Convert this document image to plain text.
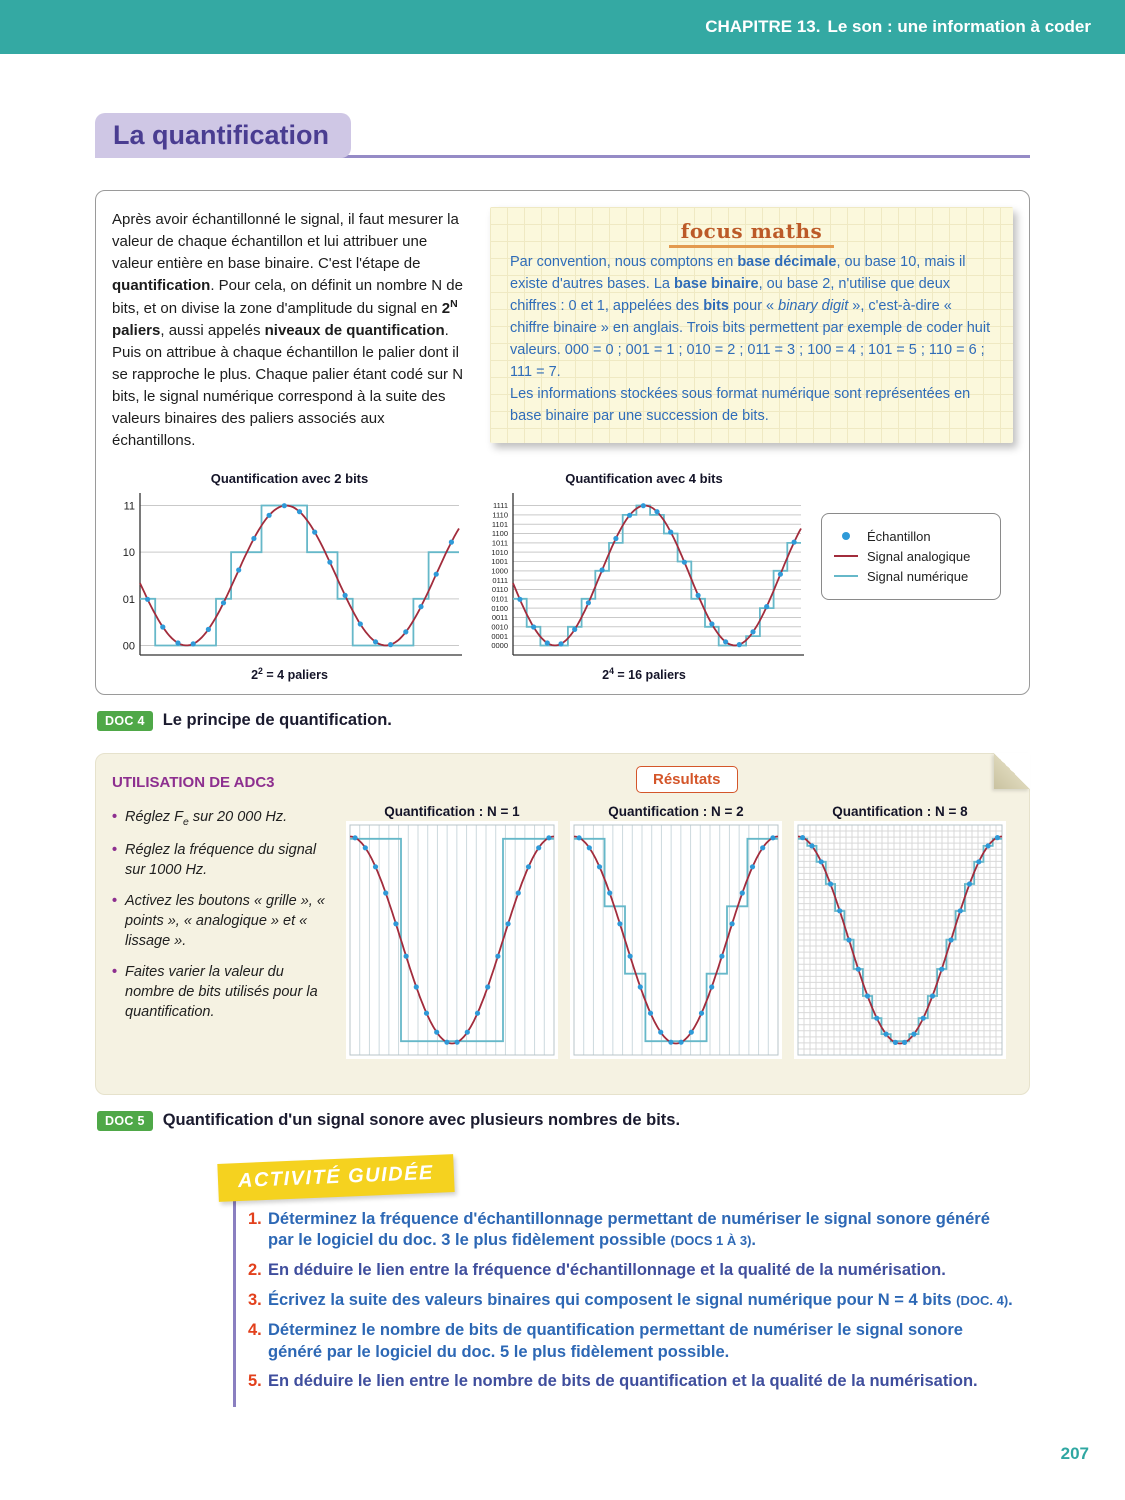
CHAPITRE 13. Le son : une information à coder
La quantification

Après avoir échantillonné le signal, il faut mesurer la valeur de chaque échantillon et lui attribuer une valeur entière en base binaire. C'est l'étape de quantification. Pour cela, on définit un nombre N de bits, et on divise la zone d'amplitude du signal en $2^N$ paliers, aussi appelés niveaux de quantification. Puis on attribue à chaque échantillon le palier dont il se rapproche le plus. Chaque palier étant codé sur N bits, le signal numérique correspond à la suite des valeurs binaires des paliers associés aux échantillons.

focus maths

Par convention, nous comptons en base décimale, ou base 10, mais il existe d'autres bases. La base binaire, ou base 2, n'utilise que deux chiffres : 0 et 1, appelées des bits pour « binary digit », c'est-à-dire « chiffre binaire » en anglais. Trois bits permettent par exemple de coder huit valeurs. 000 = 0 ; 001 = 1 ; 010 = 2 ; 011 = 3 ; 100 = 4 ; 101 = 5 ; 110 = 6 ; 111 = 7.
Les informations stockées sous format numérique sont représentées en base binaire par une succession de bits.

Quantification avec 2 bits
00
01
10
11
$2^2 = 4$ paliers
Quantification avec 4 bits
0000
0001
0010
0011
0100
0101
0110
0111
1000
1001
1010
1011
1100
1101
1110
1111
$2^4 = 16$ paliers
Échantillon
Signal analogique
Signal numérique
DOC 4	Le principe de quantification.
Résultats
UTILISATION DE ADC3
• Réglez $F_e$ sur 20 000 Hz.
• Réglez la fréquence du signal sur 1000 Hz.
• Activez les boutons « grille », « points », « analogique » et « lissage ».
• Faites varier la valeur du nombre de bits utilisés pour la quantification.
Quantification : N = 1	Quantification : N = 2	Quantification : N = 8
DOC 5	Quantification d'un signal sonore avec plusieurs nombres de bits.
ACTIVITÉ GUIDÉE
1. Déterminez la fréquence d'échantillonnage permettant de numériser le signal sonore généré par le logiciel du doc. 3 le plus fidèlement possible (DOCS 1 À 3).
2. En déduire le lien entre la fréquence d'échantillonnage et la qualité de la numérisation.
3. Écrivez la suite des valeurs binaires qui composent le signal numérique pour N = 4 bits (DOC. 4).
4. Déterminez le nombre de bits de quantification permettant de numériser le signal sonore généré par le logiciel du doc. 5 le plus fidèlement possible.
5. En déduire le lien entre le nombre de bits de quantification et la qualité de la numérisation.
207
